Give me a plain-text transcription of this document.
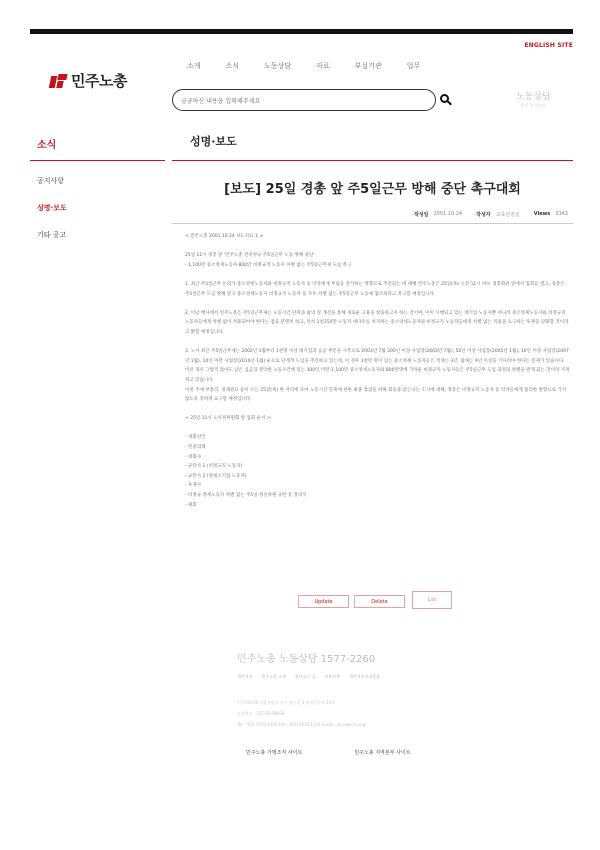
ENGLISH SITE
민주노총
소개	소식	노동상담	자료	부설기관	업무
궁금하신 내용을 입력해주세요	노동상담
민원 접수/상담
소식
공지사항
성명·보도
기타 공고
성명·보도
[보도] 25일 경총 앞 주5일근무 방해 중단 촉구대회
작성일 2001.10.24	작성자 교육선전실	Views 3343

< 민주노총 2001.10.24 보도자료 1 >

25일 11시 경총 앞 '민주노총 전비정규 주5일근무 노동 방해 중단'
- 1,100만 중소영세노동자·800만 비정규직 노동자 차별 없는 주5일근무제 도입 촉구

1. 최근 주5일근무 논의가 중소영세노동자와 비정규직 노동자 등 약자에게 부담을 전가하는 방향으로 추진되는 데 대해 민주노총은 25일(목) 오전 11시 마포 경총회관 앞에서 집회를 열고, 경총은 주5일근무 도입 방해 말고 중소영세노동자 비정규직 노동자 등 모두 차별 없는 주5일근무 노동에 협조하라고 촉구할 예정입니다.

2. 이날 행사에서 민주노총은 주5일근무제는 노동시간 단축과 삶의 질 개선을 통해 새로운 고용을 창출하고자 하는 것이며, 이미 시행되고 있는 대기업 노동자뿐 아니라 중소영세노동자와 비정규직 노동자들에게 차별 없이 적용되어야 한다는 점을 분명히 하고, 특히 1천250만 노동자 대다수를 차지하는 중소영세노동자와 비정규직 노동자들에게 차별 없는 적용을 요구하는 투쟁을 강화할 것이라고 밝힐 예정입니다.

3. 노사 최근 주5일근무제는 2002년 1월부터 1천명 이상 대기업과 공공 부문을 시작으로 2003년 7월 300인 이상 사업장(2003년 7월), 50인 이상 사업장(2005년 1월), 10인 이상 사업장(2007년 1월), 10인 미만 사업장(2010년 1월) 순으로 단계적 도입을 추진하고 있는데, 이 경우 1천만 명이 넘는 중소영세 노동자들은 적게는 3년, 많게는 9년 이상을 기다려야 한다는 문제가 있습니다. 이런 경우 그렇지 않아도 낮은 임금과 열악한 노동조건에 있는 300인 미만 1,100만 중소영세노동자와 800만명에 가까운 비정규직 노동자들은 주5일근무 도입 과정의 차별을 받게 되는 것이라 지적하고 있습니다.
이번 주에 부총리, 경제관료 등이 오는 25일(목) 한 자리에 모여 노동시간 단축에 관한 최종 점검을 위해 회동을 갖는다는 소식에 대해, 경총은 비정규직 노동자 등 약자들에게 불리한 방향으로 가지 않도록 강하게 요구할 예정입니다.

< 25일 11시 노사정위원회 앞 집회 순서 >

- 개회선언
- 민중의례
- 대회사
- 규탄사 1 (비정규직 노동자)
- 규탄사 2 (영세소기업 노동자)
- 투쟁사
- 비정규·영세노동자 차별 없는 주5일 정신차원 규탄 등 장의석
- 폐회

Update	Delete	List
민주노총 노동상담 1577-2260
개인정보 민주노총 소개 찾아오는 길 이용약관 개인정보처리방침
(우) 04518 서울특별시 중구 정동길 3 경향신문사 14층
고유번호 : 107-82-08838
Tel : (02) 2670-9100 Fax : (02) 2635-1134 Email : cjcu@kctu.org
민주노총 가맹조직 사이트	민주노총 지역본부 사이트
